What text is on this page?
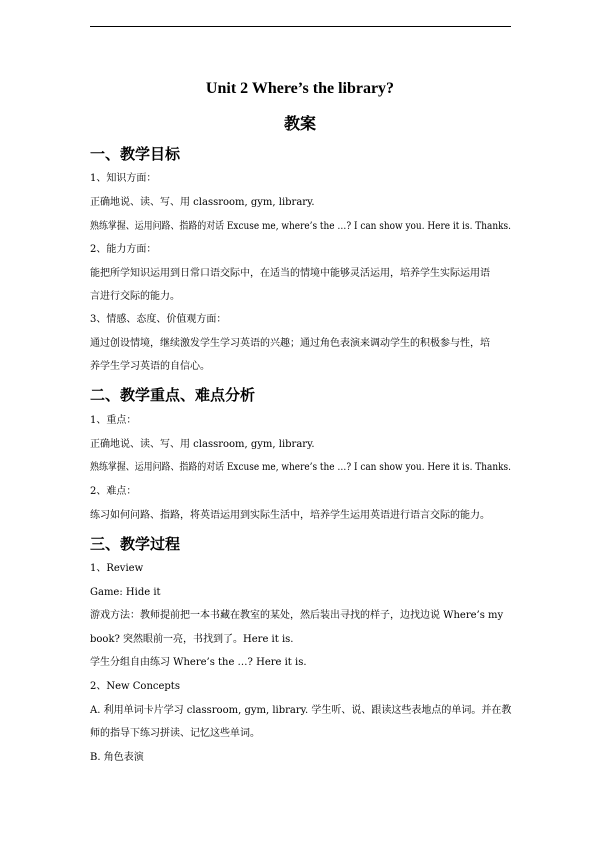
Unit 2 Where’s the library?
教案
一、教学目标
1、知识方面：
正确地说、读、写、用 classroom, gym, library.
熟练掌握、运用问路、指路的对话 Excuse me, where’s the …? I can show you. Here it is. Thanks.
2、能力方面：
能把所学知识运用到日常口语交际中，在适当的情境中能够灵活运用，培养学生实际运用语
言进行交际的能力。
3、情感、态度、价值观方面：
通过创设情境，继续激发学生学习英语的兴趣；通过角色表演来调动学生的积极参与性，培
养学生学习英语的自信心。
二、教学重点、难点分析
1、重点：
正确地说、读、写、用 classroom, gym, library.
熟练掌握、运用问路、指路的对话 Excuse me, where’s the …? I can show you. Here it is. Thanks.
2、难点：
练习如何问路、指路，将英语运用到实际生活中，培养学生运用英语进行语言交际的能力。
三、教学过程
1、Review
Game: Hide it
游戏方法：教师提前把一本书藏在教室的某处，然后装出寻找的样子，边找边说 Where’s my
book? 突然眼前一亮，书找到了。Here it is.
学生分组自由练习 Where’s the …? Here it is.
2、New Concepts
A. 利用单词卡片学习 classroom, gym, library. 学生听、说、跟读这些表地点的单词。并在教
师的指导下练习拼读、记忆这些单词。
B. 角色表演
